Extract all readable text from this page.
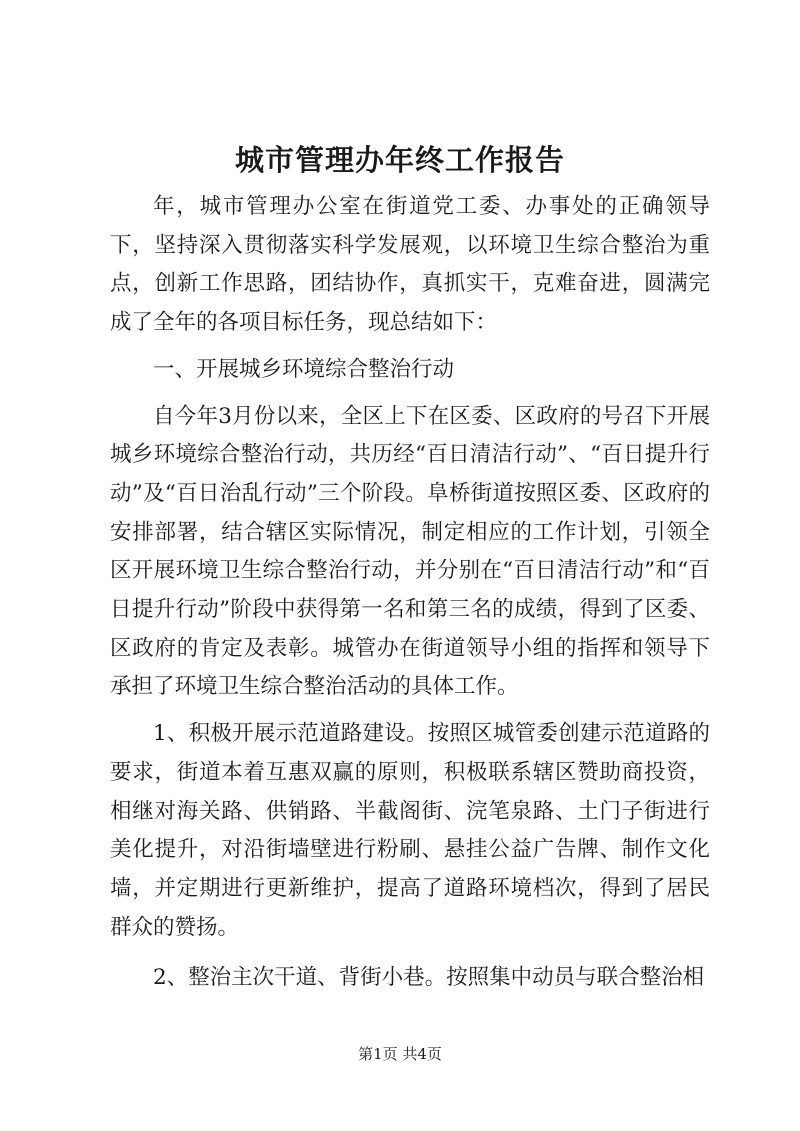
城市管理办年终工作报告

年，城市管理办公室在街道党工委、办事处的正确领导下，坚持深入贯彻落实科学发展观，以环境卫生综合整治为重点，创新工作思路，团结协作，真抓实干，克难奋进，圆满完成了全年的各项目标任务，现总结如下：

一、开展城乡环境综合整治行动

自今年3月份以来，全区上下在区委、区政府的号召下开展城乡环境综合整治行动，共历经“百日清洁行动”、“百日提升行动”及“百日治乱行动”三个阶段。阜桥街道按照区委、区政府的安排部署，结合辖区实际情况，制定相应的工作计划，引领全区开展环境卫生综合整治行动，并分别在“百日清洁行动”和“百日提升行动”阶段中获得第一名和第三名的成绩，得到了区委、区政府的肯定及表彰。城管办在街道领导小组的指挥和领导下承担了环境卫生综合整治活动的具体工作。

1、积极开展示范道路建设。按照区城管委创建示范道路的要求，街道本着互惠双赢的原则，积极联系辖区赞助商投资，相继对海关路、供销路、半截阁街、浣笔泉路、土门子街进行美化提升，对沿街墙壁进行粉刷、悬挂公益广告牌、制作文化墙，并定期进行更新维护，提高了道路环境档次，得到了居民群众的赞扬。

2、整治主次干道、背街小巷。按照集中动员与联合整治相

第1页 共4页
